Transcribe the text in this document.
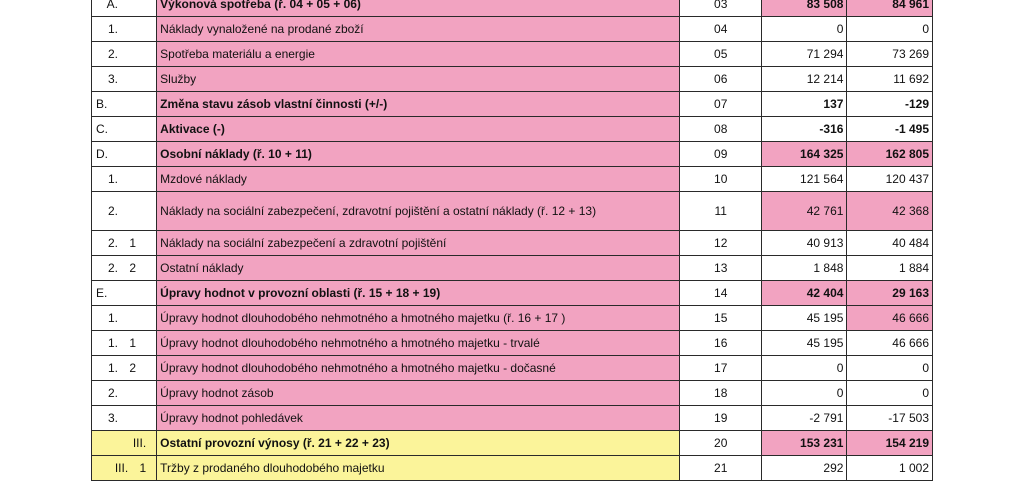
A.	Výkonová spotřeba (ř. 04 + 05 + 06)	03	83 508	84 961
1.	Náklady vynaložené na prodané zboží	04	0	0
2.	Spotřeba materiálu a energie	05	71 294	73 269
3.	Služby	06	12 214	11 692
B.	Změna stavu zásob vlastní činnosti (+/-)	07	137	-129
C.	Aktivace (-)	08	-316	-1 495
D.	Osobní náklady (ř. 10 + 11)	09	164 325	162 805
1.	Mzdové náklady	10	121 564	120 437
2.	Náklady na sociální zabezpečení, zdravotní pojištění a ostatní náklady (ř. 12 + 13)	11	42 761	42 368
2. 1	Náklady na sociální zabezpečení a zdravotní pojištění	12	40 913	40 484
2. 2	Ostatní náklady	13	1 848	1 884
E.	Úpravy hodnot v provozní oblasti (ř. 15 + 18 + 19)	14	42 404	29 163
1.	Úpravy hodnot dlouhodobého nehmotného a hmotného majetku (ř. 16 + 17 )	15	45 195	46 666
1. 1	Úpravy hodnot dlouhodobého nehmotného a hmotného majetku - trvalé	16	45 195	46 666
1. 2	Úpravy hodnot dlouhodobého nehmotného a hmotného majetku - dočasné	17	0	0
2.	Úpravy hodnot zásob	18	0	0
3.	Úpravy hodnot pohledávek	19	-2 791	-17 503
III.	Ostatní provozní výnosy (ř. 21 + 22 + 23)	20	153 231	154 219
III. 1	Tržby z prodaného dlouhodobého majetku	21	292	1 002
